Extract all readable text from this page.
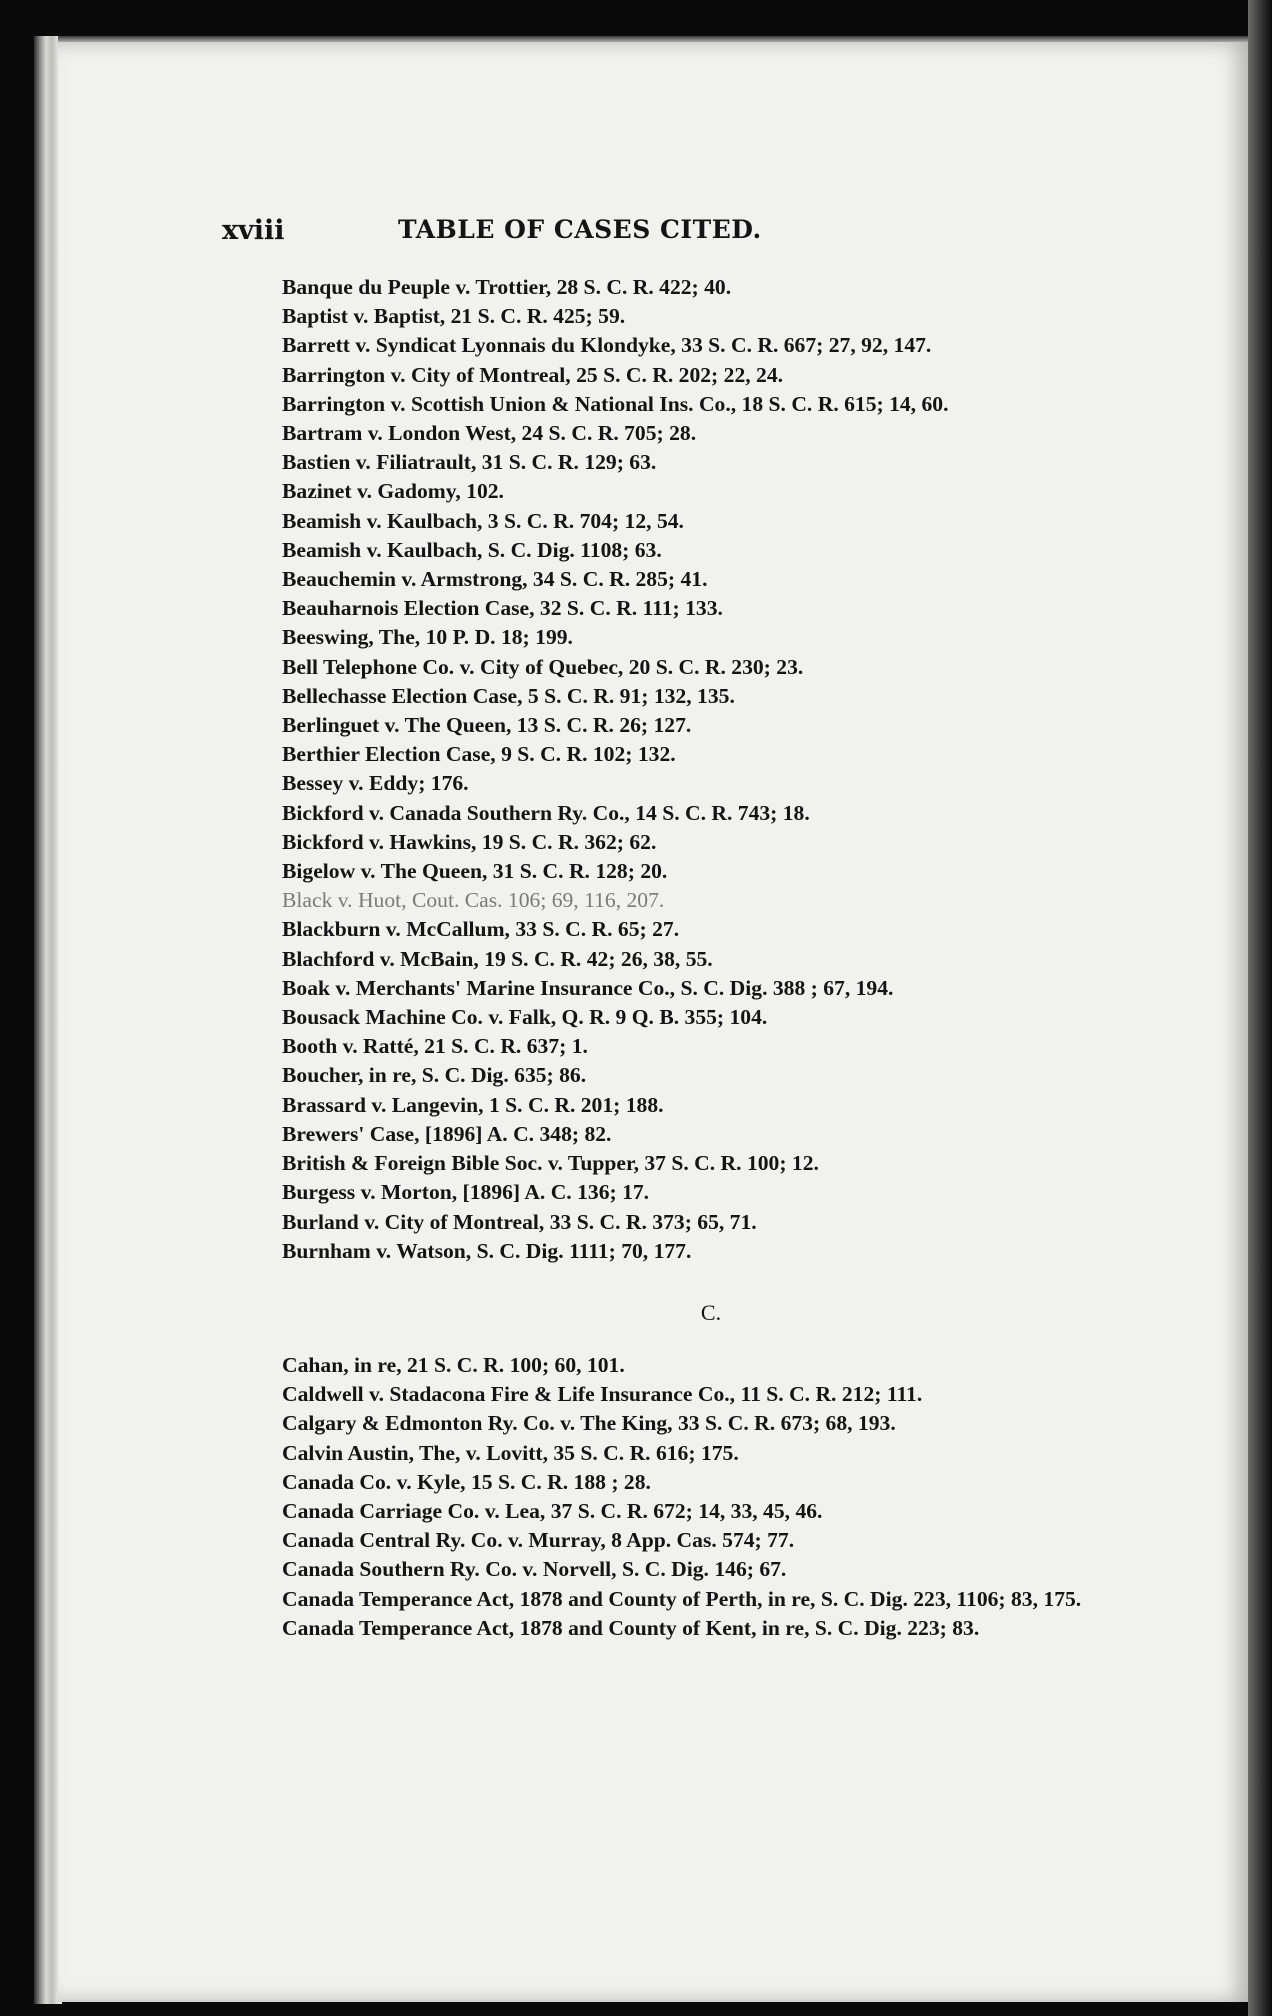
xviii	TABLE OF CASES CITED.
Banque du Peuple v. Trottier, 28 S. C. R. 422; 40.
Baptist v. Baptist, 21 S. C. R. 425; 59.
Barrett v. Syndicat Lyonnais du Klondyke, 33 S. C. R. 667; 27, 92, 147.
Barrington v. City of Montreal, 25 S. C. R. 202; 22, 24.
Barrington v. Scottish Union & National Ins. Co., 18 S. C. R. 615; 14, 60.
Bartram v. London West, 24 S. C. R. 705; 28.
Bastien v. Filiatrault, 31 S. C. R. 129; 63.
Bazinet v. Gadomy, 102.
Beamish v. Kaulbach, 3 S. C. R. 704; 12, 54.
Beamish v. Kaulbach, S. C. Dig. 1108; 63.
Beauchemin v. Armstrong, 34 S. C. R. 285; 41.
Beauharnois Election Case, 32 S. C. R. 111; 133.
Beeswing, The, 10 P. D. 18; 199.
Bell Telephone Co. v. City of Quebec, 20 S. C. R. 230; 23.
Bellechasse Election Case, 5 S. C. R. 91; 132, 135.
Berlinguet v. The Queen, 13 S. C. R. 26; 127.
Berthier Election Case, 9 S. C. R. 102; 132.
Bessey v. Eddy; 176.
Bickford v. Canada Southern Ry. Co., 14 S. C. R. 743; 18.
Bickford v. Hawkins, 19 S. C. R. 362; 62.
Bigelow v. The Queen, 31 S. C. R. 128; 20.
Black v. Huot, Cout. Cas. 106; 69, 116, 207.
Blackburn v. McCallum, 33 S. C. R. 65; 27.
Blachford v. McBain, 19 S. C. R. 42; 26, 38, 55.
Boak v. Merchants' Marine Insurance Co., S. C. Dig. 388 ; 67, 194.
Bousack Machine Co. v. Falk, Q. R. 9 Q. B. 355; 104.
Booth v. Ratté, 21 S. C. R. 637; 1.
Boucher, in re, S. C. Dig. 635; 86.
Brassard v. Langevin, 1 S. C. R. 201; 188.
Brewers' Case, [1896] A. C. 348; 82.
British & Foreign Bible Soc. v. Tupper, 37 S. C. R. 100; 12.
Burgess v. Morton, [1896] A. C. 136; 17.
Burland v. City of Montreal, 33 S. C. R. 373; 65, 71.
Burnham v. Watson, S. C. Dig. 1111; 70, 177.
C.
Cahan, in re, 21 S. C. R. 100; 60, 101.
Caldwell v. Stadacona Fire & Life Insurance Co., 11 S. C. R. 212; 111.
Calgary & Edmonton Ry. Co. v. The King, 33 S. C. R. 673; 68, 193.
Calvin Austin, The, v. Lovitt, 35 S. C. R. 616; 175.
Canada Co. v. Kyle, 15 S. C. R. 188 ; 28.
Canada Carriage Co. v. Lea, 37 S. C. R. 672; 14, 33, 45, 46.
Canada Central Ry. Co. v. Murray, 8 App. Cas. 574; 77.
Canada Southern Ry. Co. v. Norvell, S. C. Dig. 146; 67.
Canada Temperance Act, 1878 and County of Perth, in re, S. C. Dig. 223, 1106; 83, 175.
Canada Temperance Act, 1878 and County of Kent, in re, S. C. Dig. 223; 83.
